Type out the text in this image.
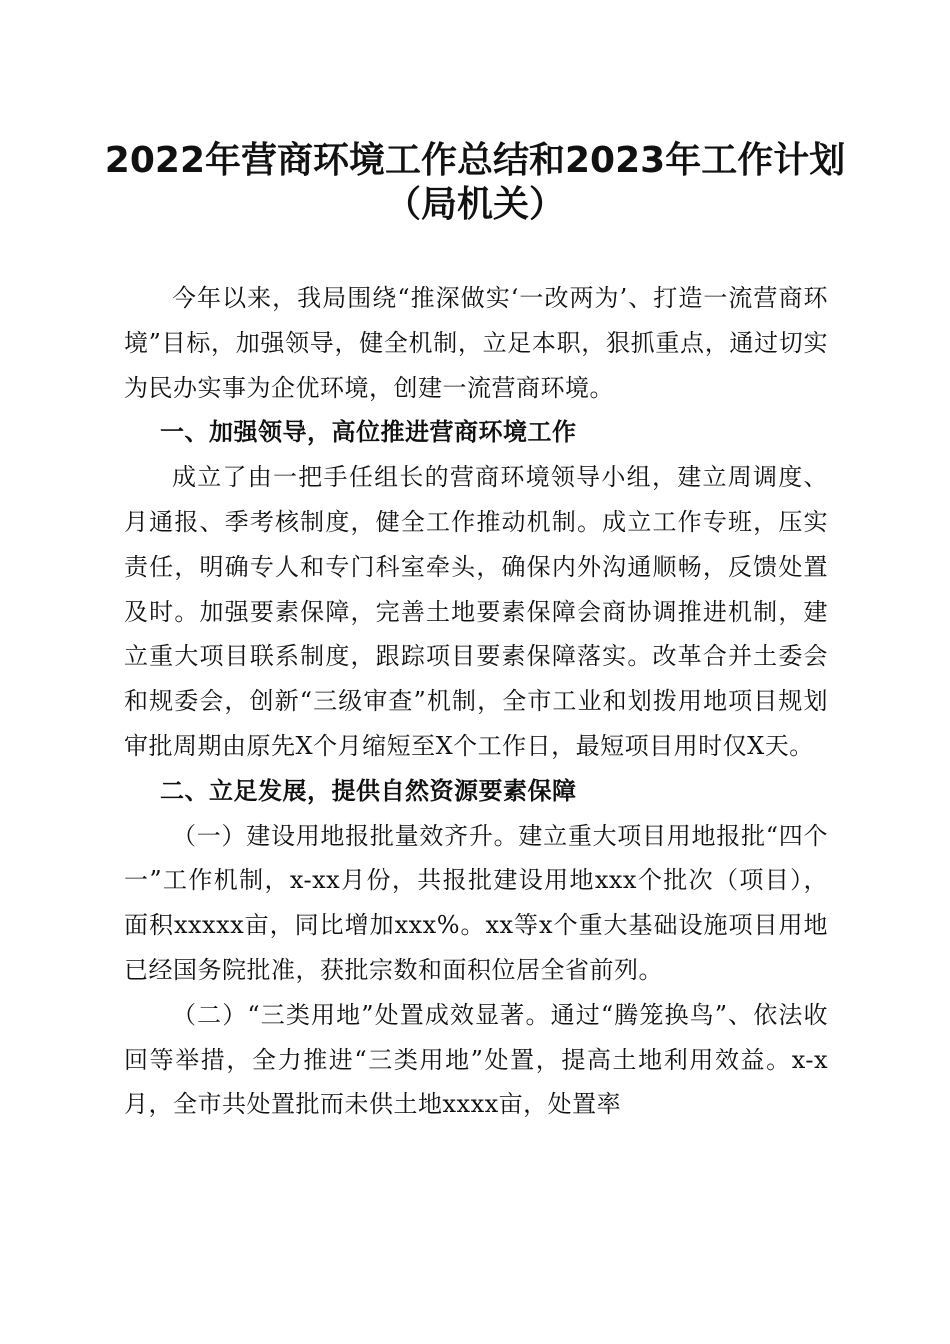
2022年营商环境工作总结和2023年工作计划
（局机关）

今年以来，我局围绕“推深做实‘一改两为’、打造一流营商环境”目标，加强领导，健全机制，立足本职，狠抓重点，通过切实为民办实事为企优环境，创建一流营商环境。

一、加强领导，高位推进营商环境工作

成立了由一把手任组长的营商环境领导小组，建立周调度、月通报、季考核制度，健全工作推动机制。成立工作专班，压实责任，明确专人和专门科室牵头，确保内外沟通顺畅，反馈处置及时。加强要素保障，完善土地要素保障会商协调推进机制，建立重大项目联系制度，跟踪项目要素保障落实。改革合并土委会和规委会，创新“三级审查”机制，全市工业和划拨用地项目规划审批周期由原先X个月缩短至X个工作日，最短项目用时仅X天。

二、立足发展，提供自然资源要素保障

（一）建设用地报批量效齐升。建立重大项目用地报批“四个一”工作机制，x-xx月份，共报批建设用地xxx个批次（项目），面积xxxxx亩，同比增加xxx%。xx等x个重大基础设施项目用地已经国务院批准，获批宗数和面积位居全省前列。

（二）“三类用地”处置成效显著。通过“腾笼换鸟”、依法收回等举措，全力推进“三类用地”处置，提高土地利用效益。x-x月，全市共处置批而未供土地xxxx亩，处置率
